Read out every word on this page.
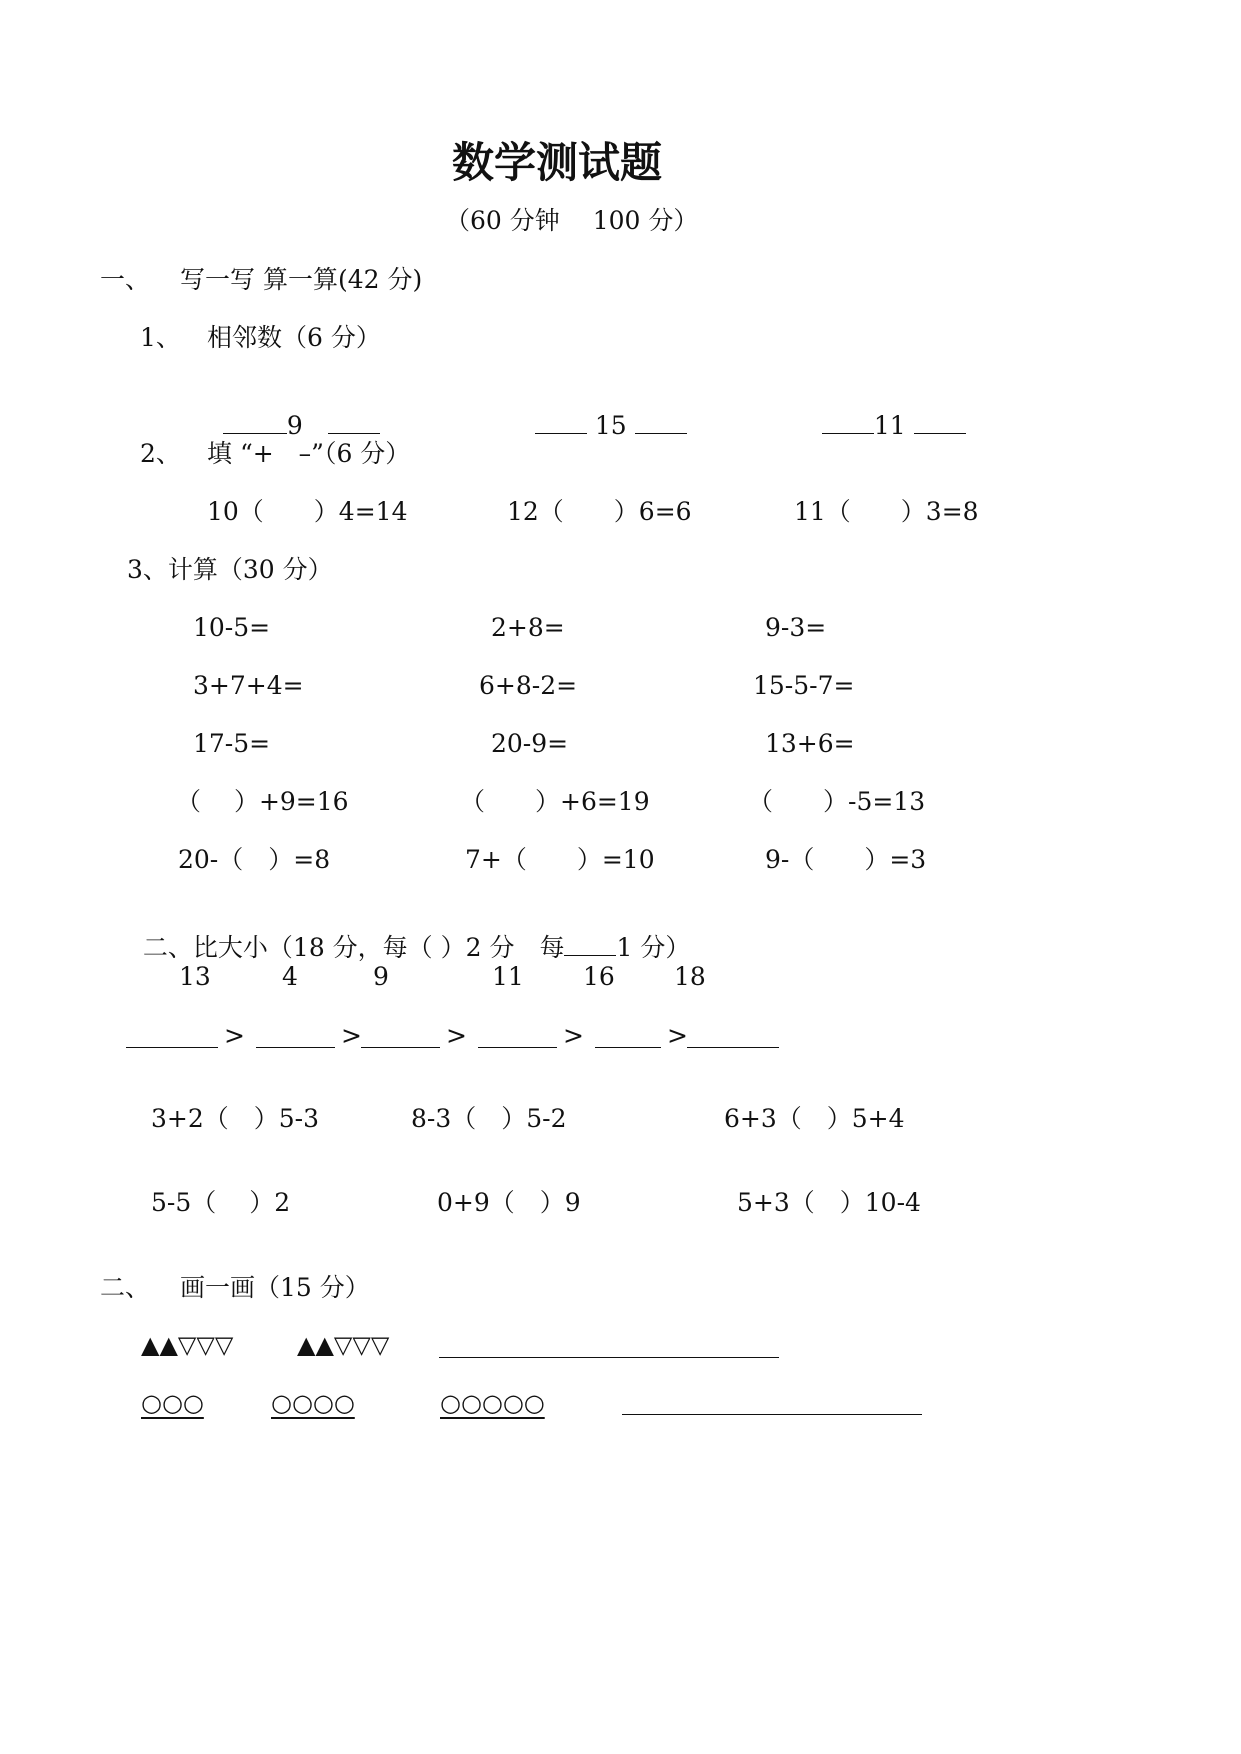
数学测试题
（60 分钟　 100 分）
一、 写一写 算一算(42 分)
1、 相邻数（6 分）

9　	15	11

2、 填 “+　–”（6 分）
10（　　）4=14	12（　　）6=6	11（　　）3=8
3、计算（30 分）
10-5=	2+8=	9-3=
3+7+4=	6+8-2=	15-5-7=
17-5=	20-9=	13+6=
（　 ）+9=16	（　　）+6=19	（　　）-5=13
20-（　）=8	7+（　　）=10	9-（　　）=3

二、比大小（18 分，每（ ）2 分　每 1 分）

13	4	9	11 16 18
>	>	>	>	>
3+2（　）5-3	8-3（　）5-2	6+3（　）5+4
5-5（　 ）2	0+9（　）9	5+3（　）10-4
二、 画一画（15 分）
▲▲▽▽▽	▲▲▽▽▽
○○○	○○○○	○○○○○
